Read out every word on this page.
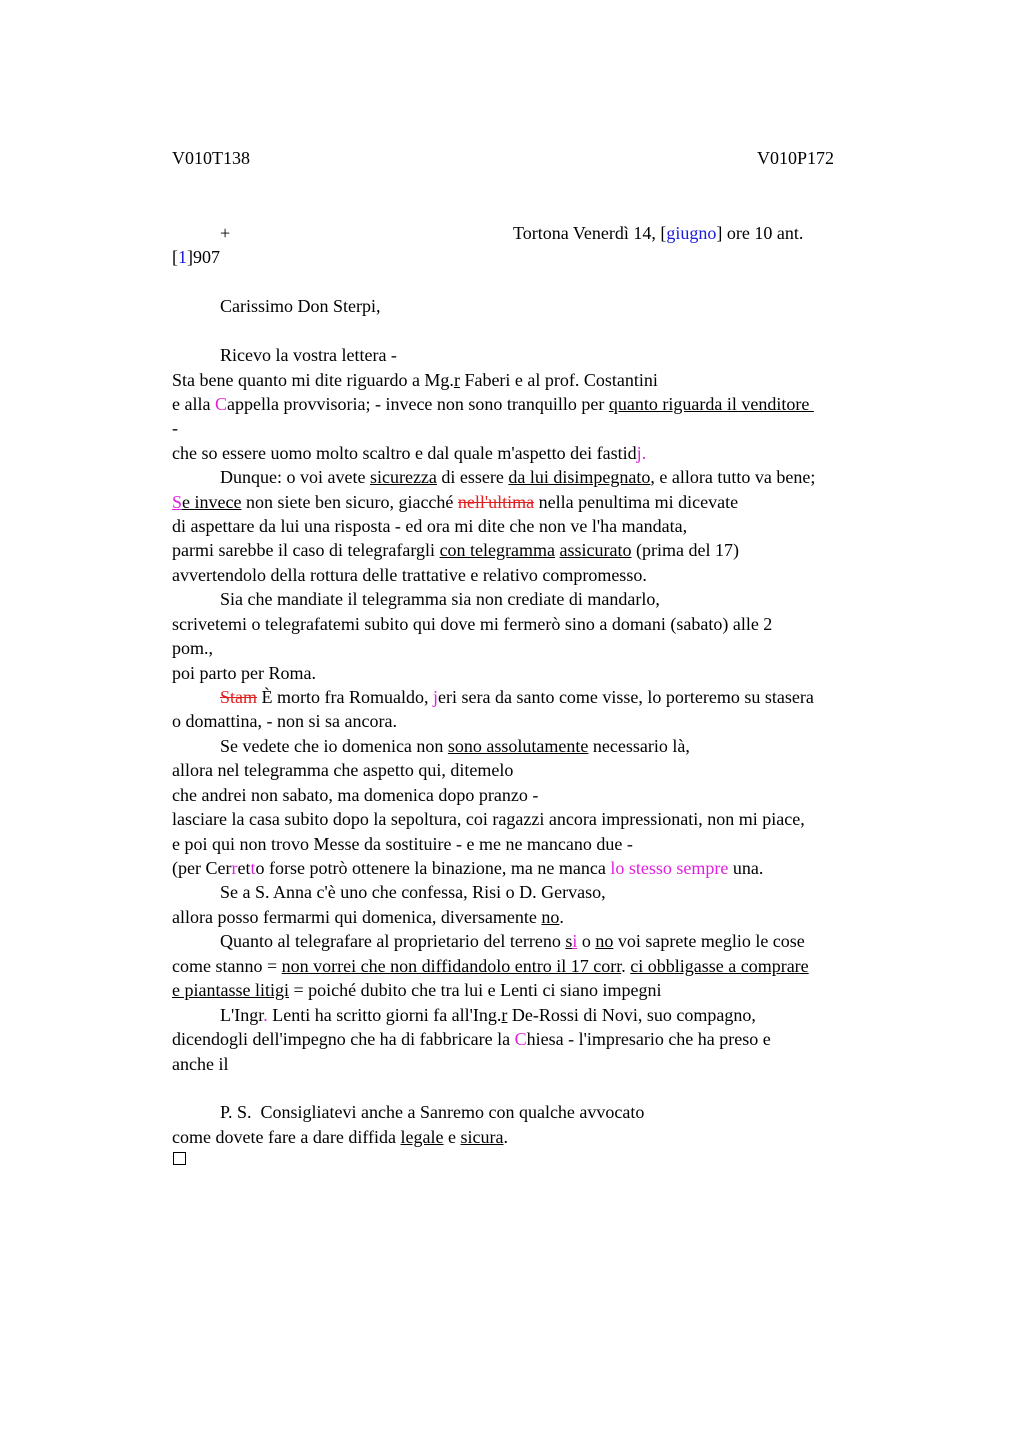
V010T138	V010P172
+	Tortona Venerdì 14, [giugno] ore 10 ant.
[1]907
Carissimo Don Sterpi,
Ricevo la vostra lettera -
Sta bene quanto mi dite riguardo a Mg.r Faberi e al prof. Costantini
e alla Cappella provvisoria; - invece non sono tranquillo per quanto riguarda il venditore
-
che so essere uomo molto scaltro e dal quale m'aspetto dei fastidj.
Dunque: o voi avete sicurezza di essere da lui disimpegnato, e allora tutto va bene;
Se invece non siete ben sicuro, giacché nell'ultima nella penultima mi dicevate
di aspettare da lui una risposta - ed ora mi dite che non ve l'ha mandata,
parmi sarebbe il caso di telegrafargli con telegramma assicurato (prima del 17)
avvertendolo della rottura delle trattative e relativo compromesso.
Sia che mandiate il telegramma sia non crediate di mandarlo,
scrivetemi o telegrafatemi subito qui dove mi fermerò sino a domani (sabato) alle 2
pom.,
poi parto per Roma.
Stam È morto fra Romualdo, jeri sera da santo come visse, lo porteremo su stasera
o domattina, - non si sa ancora.
Se vedete che io domenica non sono assolutamente necessario là,
allora nel telegramma che aspetto qui, ditemelo
che andrei non sabato, ma domenica dopo pranzo -
lasciare la casa subito dopo la sepoltura, coi ragazzi ancora impressionati, non mi piace,
e poi qui non trovo Messe da sostituire - e me ne mancano due -
(per Cerretto forse potrò ottenere la binazione, ma ne manca lo stesso sempre una.
Se a S. Anna c'è uno che confessa, Risi o D. Gervaso,
allora posso fermarmi qui domenica, diversamente no.
Quanto al telegrafare al proprietario del terreno si o no voi saprete meglio le cose
come stanno = non vorrei che non diffidandolo entro il 17 corr. ci obbligasse a comprare
e piantasse litigi = poiché dubito che tra lui e Lenti ci siano impegni
L'Ingr. Lenti ha scritto giorni fa all'Ing.r De-Rossi di Novi, suo compagno,
dicendogli dell'impegno che ha di fabbricare la Chiesa - l'impresario che ha preso e
anche il
P. S.  Consigliatevi anche a Sanremo con qualche avvocato
come dovete fare a dare diffida legale e sicura.
